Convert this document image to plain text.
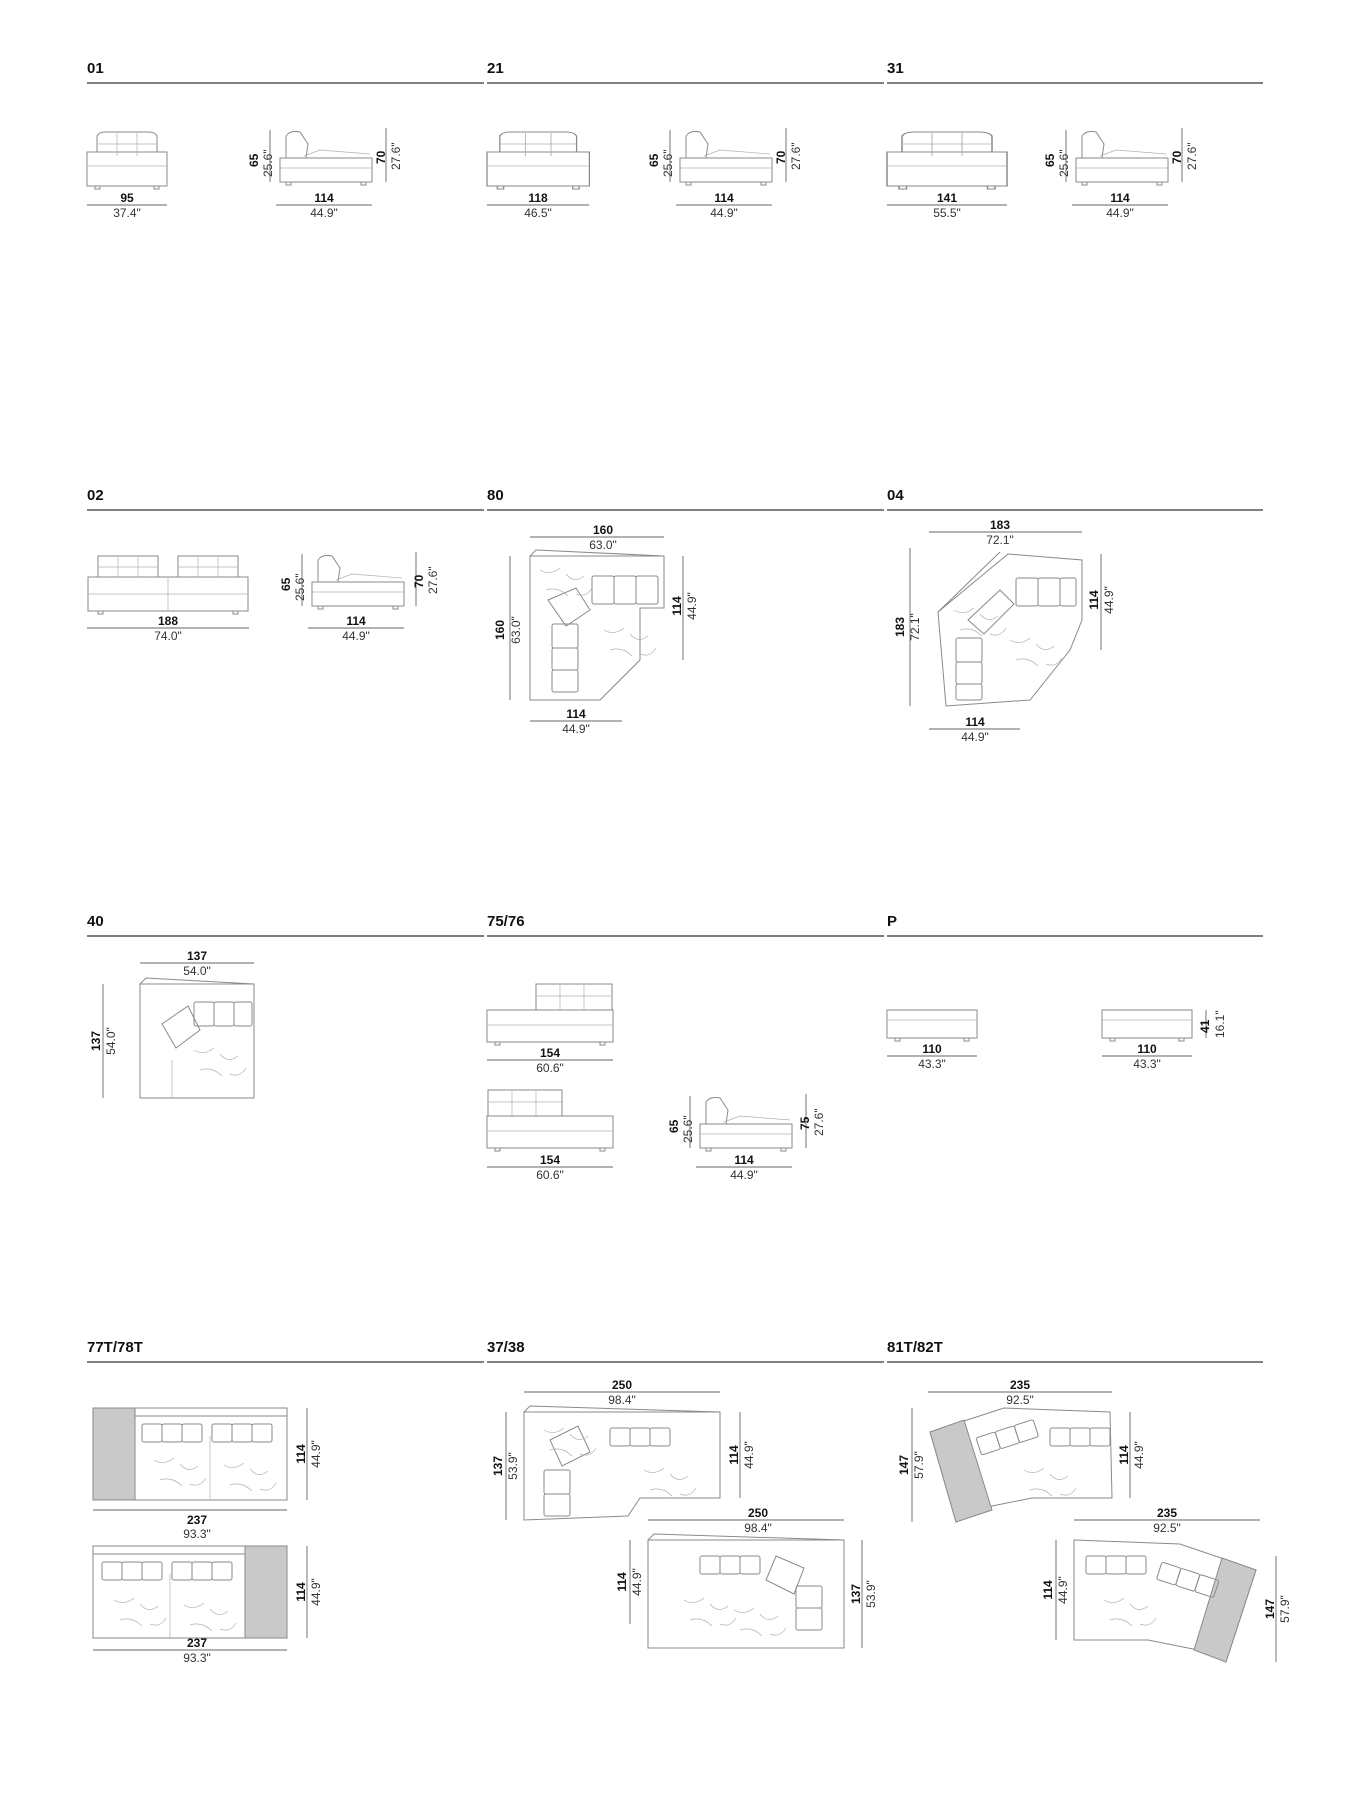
01
95
37.4"
65 25.6"	70 27.6"
114
44.9"
21
118
46.5"
65 25.6"	70 27.6"
114
44.9"
31
141
55.5"
65 25.6"	70 27.6"
114
44.9"
02
188
74.0"
65 25.6"	70 27.6"
114
44.9"
80
160
63.0"
160 63.0"
114 44.9"
114
44.9"
04
183
72.1"
183 72.1"
114 44.9"
114
44.9"
40
137
54.0"
137 54.0"
75/76
154
60.6"
154
60.6"
65 25.6"	75 27.6"
114
44.9"
P
110
43.3"
110
43.3"
41 16.1"
77T/78T
114 44.9"
237
93.3"
114 44.9"
237
93.3"
37/38
250
98.4"
137 53.9"	114 44.9"
250
98.4"
114 44.9"	137 53.9"
81T/82T
235
92.5"
147 57.9"	114 44.9"
235
92.5"
114 44.9"
147 57.9"
